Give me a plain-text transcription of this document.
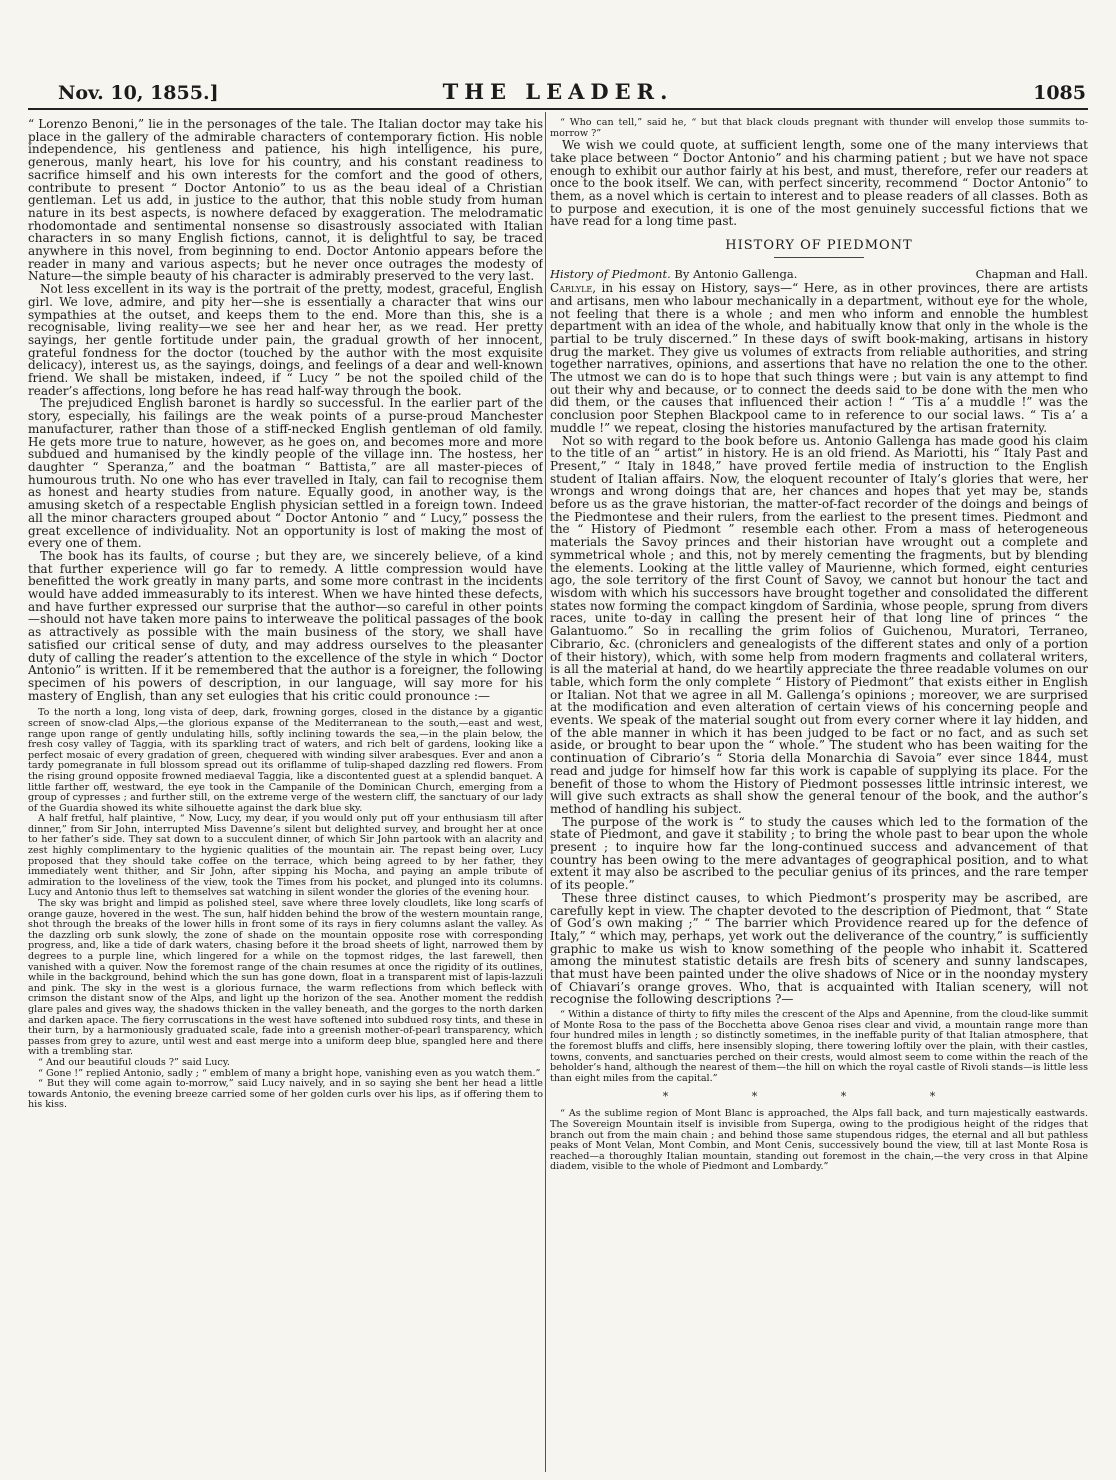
Nov. 10, 1855.]	THE LEADER.	1085

“ Lorenzo Benoni,” lie in the personages of the tale. The Italian doctor may take his place in the gallery of the admirable characters of contemporary fiction. His noble independence, his gentleness and patience, his high intelligence, his pure, generous, manly heart, his love for his country, and his constant readiness to sacrifice himself and his own interests for the comfort and the good of others, contribute to present “ Doctor Antonio” to us as the beau ideal of a Christian gentleman. Let us add, in justice to the author, that this noble study from human nature in its best aspects, is nowhere defaced by exaggeration. The melodramatic rhodomontade and sentimental nonsense so disastrously associated with Italian characters in so many English fictions, cannot, it is delightful to say, be traced anywhere in this novel, from beginning to end. Doctor Antonio appears before the reader in many and various aspects; but he never once outrages the modesty of Nature—the simple beauty of his character is admirably preserved to the very last.

Not less excellent in its way is the portrait of the pretty, modest, graceful, English girl. We love, admire, and pity her—she is essentially a character that wins our sympathies at the outset, and keeps them to the end. More than this, she is a recognisable, living reality—we see her and hear her, as we read. Her pretty sayings, her gentle fortitude under pain, the gradual growth of her innocent, grateful fondness for the doctor (touched by the author with the most exquisite delicacy), interest us, as the sayings, doings, and feelings of a dear and well-known friend. We shall be mistaken, indeed, if “ Lucy ” be not the spoiled child of the reader’s affections, long before he has read half-way through the book.

The prejudiced English baronet is hardly so successful. In the earlier part of the story, especially, his failings are the weak points of a purse-proud Manchester manufacturer, rather than those of a stiff-necked English gentleman of old family. He gets more true to nature, however, as he goes on, and becomes more and more subdued and humanised by the kindly people of the village inn. The hostess, her daughter “ Speranza,” and the boatman “ Battista,” are all master-pieces of humourous truth. No one who has ever travelled in Italy, can fail to recognise them as honest and hearty studies from nature. Equally good, in another way, is the amusing sketch of a respectable English physician settled in a foreign town. Indeed all the minor characters grouped about “ Doctor Antonio ” and “ Lucy,” possess the great excellence of individuality. Not an opportunity is lost of making the most of every one of them.

The book has its faults, of course ; but they are, we sincerely believe, of a kind that further experience will go far to remedy. A little compression would have benefitted the work greatly in many parts, and some more contrast in the incidents would have added immeasurably to its interest. When we have hinted these defects, and have further expressed our surprise that the author—so careful in other points—should not have taken more pains to interweave the political passages of the book as attractively as possible with the main business of the story, we shall have satisfied our critical sense of duty, and may address ourselves to the pleasanter duty of calling the reader’s attention to the excellence of the style in which “ Doctor Antonio” is written. If it be remembered that the author is a foreigner, the following specimen of his powers of description, in our language, will say more for his mastery of English, than any set eulogies that his critic could pronounce :—

To the north a long, long vista of deep, dark, frowning gorges, closed in the distance by a gigantic screen of snow-clad Alps,—the glorious expanse of the Mediterranean to the south,—east and west, range upon range of gently undulating hills, softly inclining towards the sea,—in the plain below, the fresh cosy valley of Taggia, with its sparkling tract of waters, and rich belt of gardens, looking like a perfect mosaic of every gradation of green, chequered with winding silver arabesques. Ever and anon a tardy pomegranate in full blossom spread out its oriflamme of tulip-shaped dazzling red flowers. From the rising ground opposite frowned mediaeval Taggia, like a discontented guest at a splendid banquet. A little farther off, westward, the eye took in the Campanile of the Dominican Church, emerging from a group of cypresses ; and further still, on the extreme verge of the western cliff, the sanctuary of our lady of the Guardia showed its white silhouette against the dark blue sky.

A half fretful, half plaintive, “ Now, Lucy, my dear, if you would only put off your enthusiasm till after dinner,” from Sir John, interrupted Miss Davenne’s silent but delighted survey, and brought her at once to her father’s side. They sat down to a succulent dinner, of which Sir John partook with an alacrity and zest highly complimentary to the hygienic qualities of the mountain air. The repast being over, Lucy proposed that they should take coffee on the terrace, which being agreed to by her father, they immediately went thither, and Sir John, after sipping his Mocha, and paying an ample tribute of admiration to the loveliness of the view, took the Times from his pocket, and plunged into its columns. Lucy and Antonio thus left to themselves sat watching in silent wonder the glories of the evening hour.

The sky was bright and limpid as polished steel, save where three lovely cloudlets, like long scarfs of orange gauze, hovered in the west. The sun, half hidden behind the brow of the western mountain range, shot through the breaks of the lower hills in front some of its rays in fiery columns aslant the valley. As the dazzling orb sunk slowly, the zone of shade on the mountain opposite rose with corresponding progress, and, like a tide of dark waters, chasing before it the broad sheets of light, narrowed them by degrees to a purple line, which lingered for a while on the topmost ridges, the last farewell, then vanished with a quiver. Now the foremost range of the chain resumes at once the rigidity of its outlines, while in the background, behind which the sun has gone down, float in a transparent mist of lapis-lazzuli and pink. The sky in the west is a glorious furnace, the warm reflections from which befleck with crimson the distant snow of the Alps, and light up the horizon of the sea. Another moment the reddish glare pales and gives way, the shadows thicken in the valley beneath, and the gorges to the north darken and darken apace. The fiery corruscations in the west have softened into subdued rosy tints, and these in their turn, by a harmoniously graduated scale, fade into a greenish mother-of-pearl transparency, which passes from grey to azure, until west and east merge into a uniform deep blue, spangled here and there with a trembling star.

“ And our beautiful clouds ?” said Lucy.

“ Gone !” replied Antonio, sadly ; “ emblem of many a bright hope, vanishing even as you watch them.”

“ But they will come again to-morrow,” said Lucy naively, and in so saying she bent her head a little towards Antonio, the evening breeze carried some of her golden curls over his lips, as if offering them to his kiss.

“ Who can tell,” said he, “ but that black clouds pregnant with thunder will envelop those summits to-morrow ?”

We wish we could quote, at sufficient length, some one of the many interviews that take place between “ Doctor Antonio” and his charming patient ; but we have not space enough to exhibit our author fairly at his best, and must, therefore, refer our readers at once to the book itself. We can, with perfect sincerity, recommend “ Doctor Antonio” to them, as a novel which is certain to interest and to please readers of all classes. Both as to purpose and execution, it is one of the most genuinely successful fictions that we have read for a long time past.

HISTORY OF PIEDMONT
History of Piedmont. By Antonio Gallenga.	Chapman and Hall.

Carlyle, in his essay on History, says—“ Here, as in other provinces, there are artists and artisans, men who labour mechanically in a department, without eye for the whole, not feeling that there is a whole ; and men who inform and ennoble the humblest department with an idea of the whole, and habitually know that only in the whole is the partial to be truly discerned.” In these days of swift book-making, artisans in history drug the market. They give us volumes of extracts from reliable authorities, and string together narratives, opinions, and assertions that have no relation the one to the other. The utmost we can do is to hope that such things were ; but vain is any attempt to find out their why and because, or to connect the deeds said to be done with the men who did them, or the causes that influenced their action ! “ ’Tis a’ a muddle !” was the conclusion poor Stephen Blackpool came to in reference to our social laws. “ Tis a’ a muddle !” we repeat, closing the histories manufactured by the artisan fraternity.

Not so with regard to the book before us. Antonio Gallenga has made good his claim to the title of an “ artist” in history. He is an old friend. As Mariotti, his “ Italy Past and Present,” “ Italy in 1848,” have proved fertile media of instruction to the English student of Italian affairs. Now, the eloquent recounter of Italy’s glories that were, her wrongs and wrong doings that are, her chances and hopes that yet may be, stands before us as the grave historian, the matter-of-fact recorder of the doings and beings of the Piedmontese and their rulers, from the earliest to the present times. Piedmont and the “ History of Piedmont ” resemble each other. From a mass of heterogeneous materials the Savoy princes and their historian have wrought out a complete and symmetrical whole ; and this, not by merely cementing the fragments, but by blending the elements. Looking at the little valley of Maurienne, which formed, eight centuries ago, the sole territory of the first Count of Savoy, we cannot but honour the tact and wisdom with which his successors have brought together and consolidated the different states now forming the compact kingdom of Sardinia, whose people, sprung from divers races, unite to-day in calling the present heir of that long line of princes “ the Galantuomo.” So in recalling the grim folios of Guichenou, Muratori, Terraneo, Cibrario, &c. (chroniclers and genealogists of the different states and only of a portion of their history), which, with some help from modern fragments and collateral writers, is all the material at hand, do we heartily appreciate the three readable volumes on our table, which form the only complete “ History of Piedmont” that exists either in English or Italian. Not that we agree in all M. Gallenga’s opinions ; moreover, we are surprised at the modification and even alteration of certain views of his concerning people and events. We speak of the material sought out from every corner where it lay hidden, and of the able manner in which it has been judged to be fact or no fact, and as such set aside, or brought to bear upon the “ whole.” The student who has been waiting for the continuation of Cibrario’s “ Storia della Monarchia di Savoia” ever since 1844, must read and judge for himself how far this work is capable of supplying its place. For the benefit of those to whom the History of Piedmont possesses little intrinsic interest, we will give such extracts as shall show the general tenour of the book, and the author’s method of handling his subject.

The purpose of the work is “ to study the causes which led to the formation of the state of Piedmont, and gave it stability ; to bring the whole past to bear upon the whole present ; to inquire how far the long-continued success and advancement of that country has been owing to the mere advantages of geographical position, and to what extent it may also be ascribed to the peculiar genius of its princes, and the rare temper of its people.”

These three distinct causes, to which Piedmont’s prosperity may be ascribed, are carefully kept in view. The chapter devoted to the description of Piedmont, that “ State of God’s own making ;” “ The barrier which Providence reared up for the defence of Italy,” “ which may, perhaps, yet work out the deliverance of the country,” is sufficiently graphic to make us wish to know something of the people who inhabit it. Scattered among the minutest statistic details are fresh bits of scenery and sunny landscapes, that must have been painted under the olive shadows of Nice or in the noonday mystery of Chiavari’s orange groves. Who, that is acquainted with Italian scenery, will not recognise the following descriptions ?—

“ Within a distance of thirty to fifty miles the crescent of the Alps and Apennine, from the cloud-like summit of Monte Rosa to the pass of the Bocchetta above Genoa rises clear and vivid, a mountain range more than four hundred miles in length ; so distinctly sometimes, in the ineffable purity of that Italian atmosphere, that the foremost bluffs and cliffs, here insensibly sloping, there towering loftily over the plain, with their castles, towns, convents, and sanctuaries perched on their crests, would almost seem to come within the reach of the beholder’s hand, although the nearest of them—the hill on which the royal castle of Rivoli stands—is little less than eight miles from the capital.”

* * * *

“ As the sublime region of Mont Blanc is approached, the Alps fall back, and turn majestically eastwards. The Sovereign Mountain itself is invisible from Superga, owing to the prodigious height of the ridges that branch out from the main chain ; and behind those same stupendous ridges, the eternal and all but pathless peaks of Mont Velan, Mont Combin, and Mont Cenis, successively bound the view, till at last Monte Rosa is reached—a thoroughly Italian mountain, standing out foremost in the chain,—the very cross in that Alpine diadem, visible to the whole of Piedmont and Lombardy.”
